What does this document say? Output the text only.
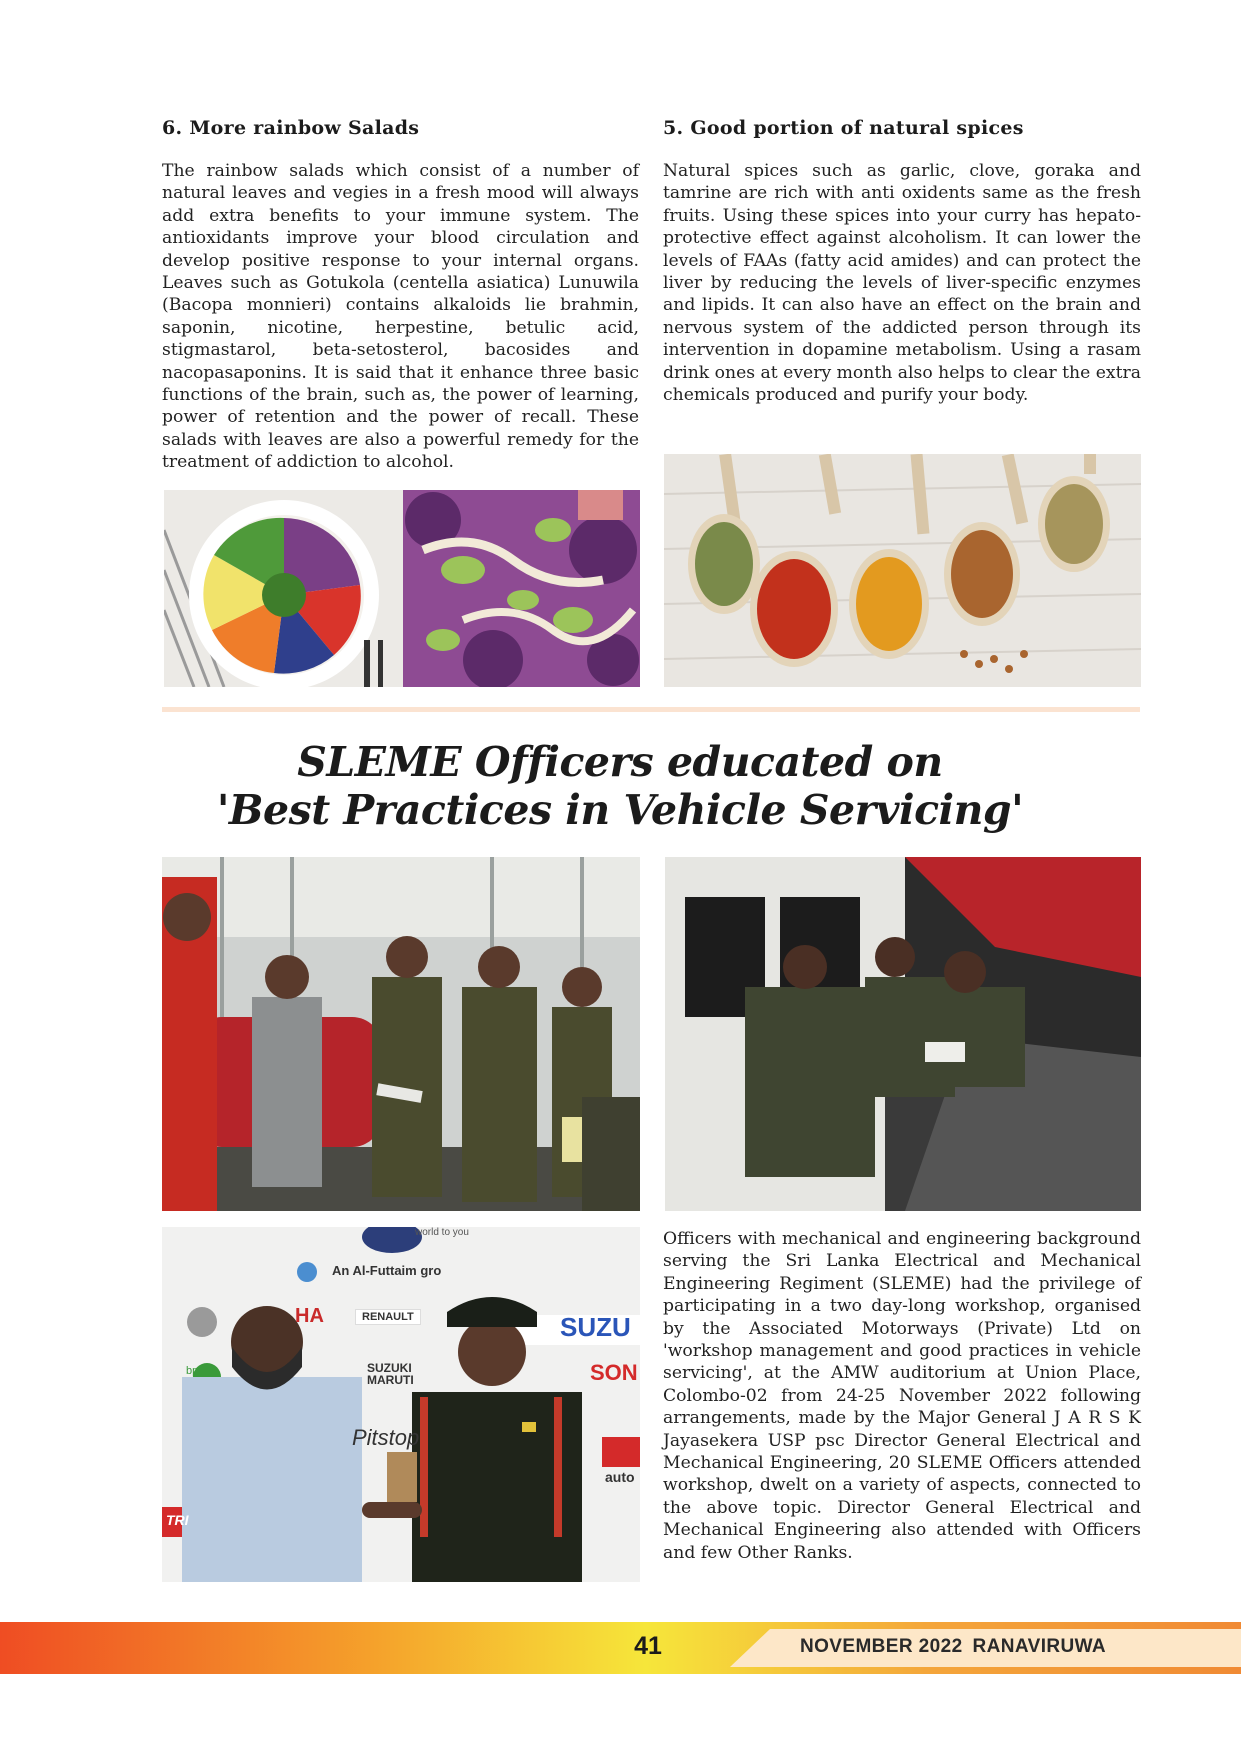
6. More rainbow Salads

The rainbow salads which consist of a number of natural leaves and vegies in a fresh mood will always add extra benefits to your immune system. The antioxidants improve your blood circulation and develop positive response to your internal organs. Leaves such as Gotukola (centella asiatica) Lunuwila (Bacopa monnieri) contains alkaloids lie brahmin, saponin, nicotine, herpestine, betulic acid, stigmastarol, beta-setosterol, bacosides and nacopasaponins. It is said that it enhance three basic functions of the brain, such as, the power of learning, power of retention and the power of recall. These salads with leaves are also a powerful remedy for the treatment of addiction to alcohol.

5. Good portion of natural spices

Natural spices such as garlic, clove, goraka and tamrine are rich with anti oxidents same as the fresh fruits. Using these spices into your curry has hepato-protective effect against alcoholism. It can lower the levels of FAAs (fatty acid amides) and can protect the liver by reducing the levels of liver-specific enzymes and lipids. It can also have an effect on the brain and nervous system of the addicted person through its intervention in dopamine metabolism. Using a rasam drink ones at every month also helps to clear the extra chemicals produced and purify your body.

SLEME Officers educated on
'Best Practices in Vehicle Servicing'
world to you
An Al-Futtaim gro
HA	RENAULT
bp	SUZUKI
MARUTI
SUZU
SON
Pitstop
auto
TRI

Officers with mechanical and engineering background serving the Sri Lanka Electrical and Mechanical Engineering Regiment (SLEME) had the privilege of participating in a two day-long workshop, organised by the Associated Motorways (Private) Ltd on 'workshop management and good practices in vehicle servicing', at the AMW auditorium at Union Place, Colombo-02 from 24-25 November 2022 following arrangements, made by the Major General J A R S K Jayasekera USP psc Director General Electrical and Mechanical Engineering, 20 SLEME Officers attended workshop, dwelt on a variety of aspects, connected to the above topic. Director General Electrical and Mechanical Engineering also attended with Officers and few Other Ranks.

41	NOVEMBER 2022 RANAVIRUWA
